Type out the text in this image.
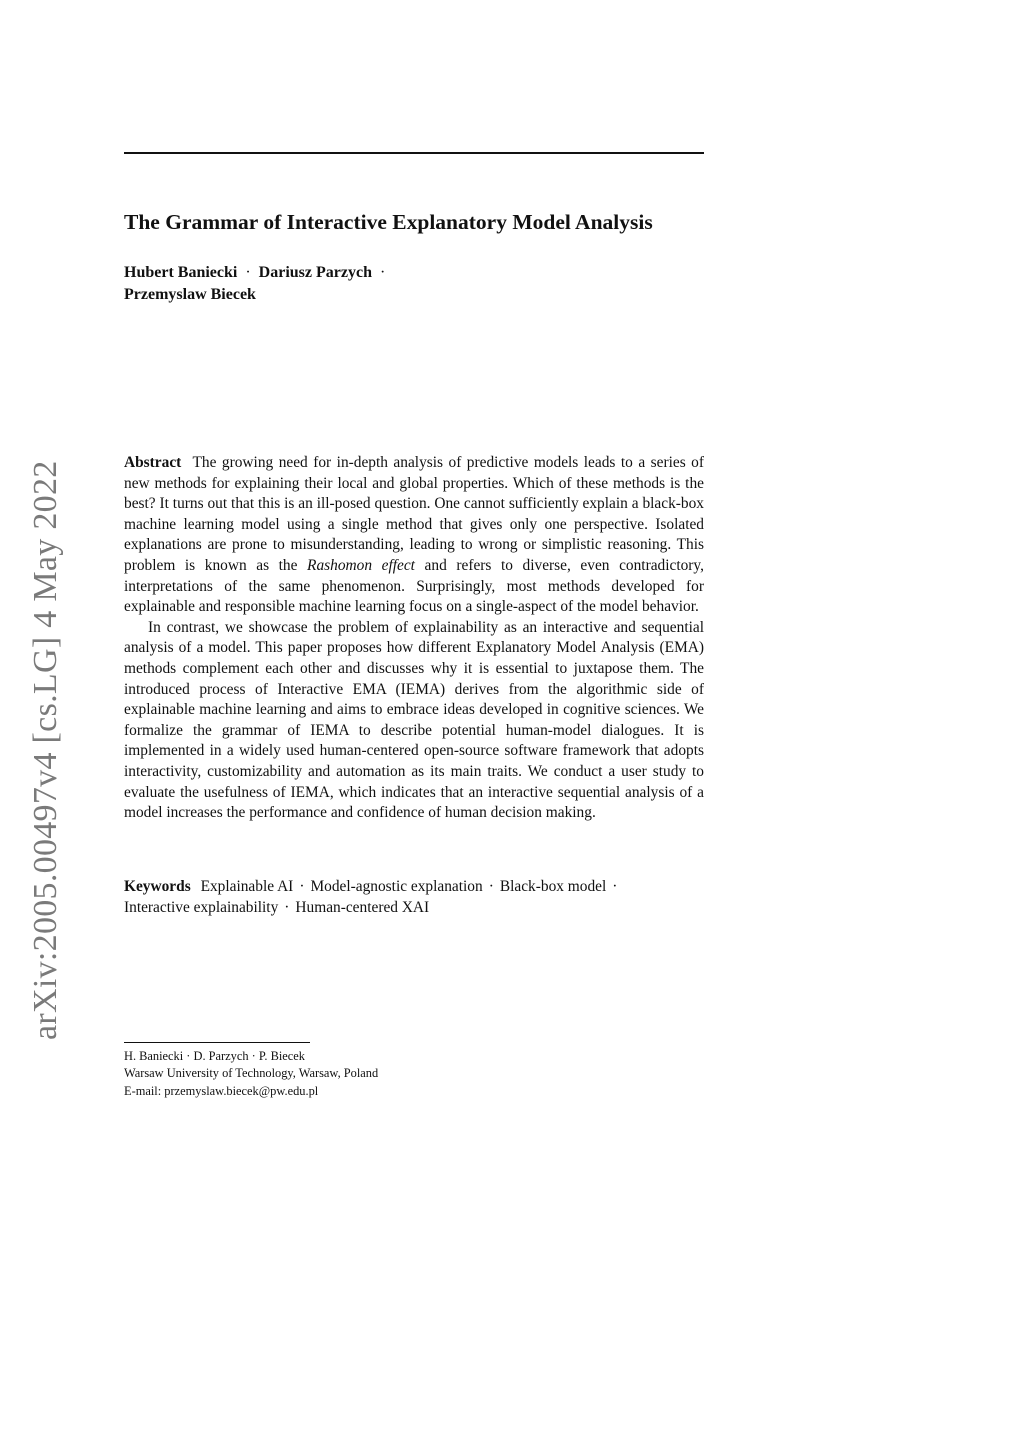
arXiv:2005.00497v4 [cs.LG] 4 May 2022
The Grammar of Interactive Explanatory Model Analysis
Hubert Baniecki · Dariusz Parzych ·
Przemyslaw Biecek

Abstract The growing need for in-depth analysis of predictive models leads to a series of new methods for explaining their local and global properties. Which of these methods is the best? It turns out that this is an ill-posed question. One cannot sufficiently explain a black-box machine learning model using a single method that gives only one perspective. Isolated explanations are prone to misunderstanding, leading to wrong or simplistic reasoning. This problem is known as the Rashomon effect and refers to diverse, even contradictory, interpretations of the same phenomenon. Surprisingly, most methods developed for explainable and responsible machine learning focus on a single-aspect of the model behavior.

In contrast, we showcase the problem of explainability as an interactive and sequential analysis of a model. This paper proposes how different Explanatory Model Analysis (EMA) methods complement each other and discusses why it is essential to juxtapose them. The introduced process of Interactive EMA (IEMA) derives from the algorithmic side of explainable machine learning and aims to embrace ideas developed in cognitive sciences. We formalize the grammar of IEMA to describe potential human-model dialogues. It is implemented in a widely used human-centered open-source software framework that adopts interactivity, customizability and automation as its main traits. We conduct a user study to evaluate the usefulness of IEMA, which indicates that an interactive sequential analysis of a model increases the performance and confidence of human decision making.

Keywords Explainable AI · Model-agnostic explanation · Black-box model ·
Interactive explainability · Human-centered XAI
H. Baniecki · D. Parzych · P. Biecek
Warsaw University of Technology, Warsaw, Poland
E-mail: przemyslaw.biecek@pw.edu.pl
